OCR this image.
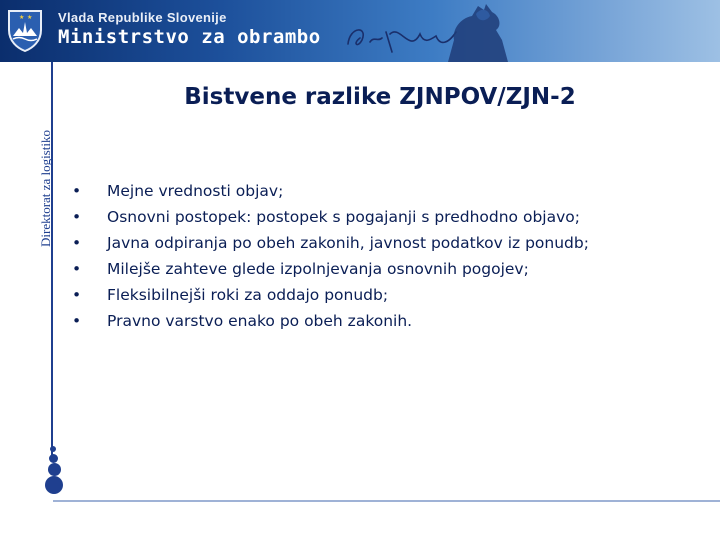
★ ★ Vlada Republike Slovenije
Ministrstvo za obrambo
Direktorat za logistiko
Bistvene razlike ZJNPOV/ZJN-2
• Mejne vrednosti objav;
• Osnovni postopek: postopek s pogajanji s predhodno objavo;
• Javna odpiranja po obeh zakonih, javnost podatkov iz ponudb;
• Milejše zahteve glede izpolnjevanja osnovnih pogojev;
• Fleksibilnejši roki za oddajo ponudb;
• Pravno varstvo enako po obeh zakonih.
